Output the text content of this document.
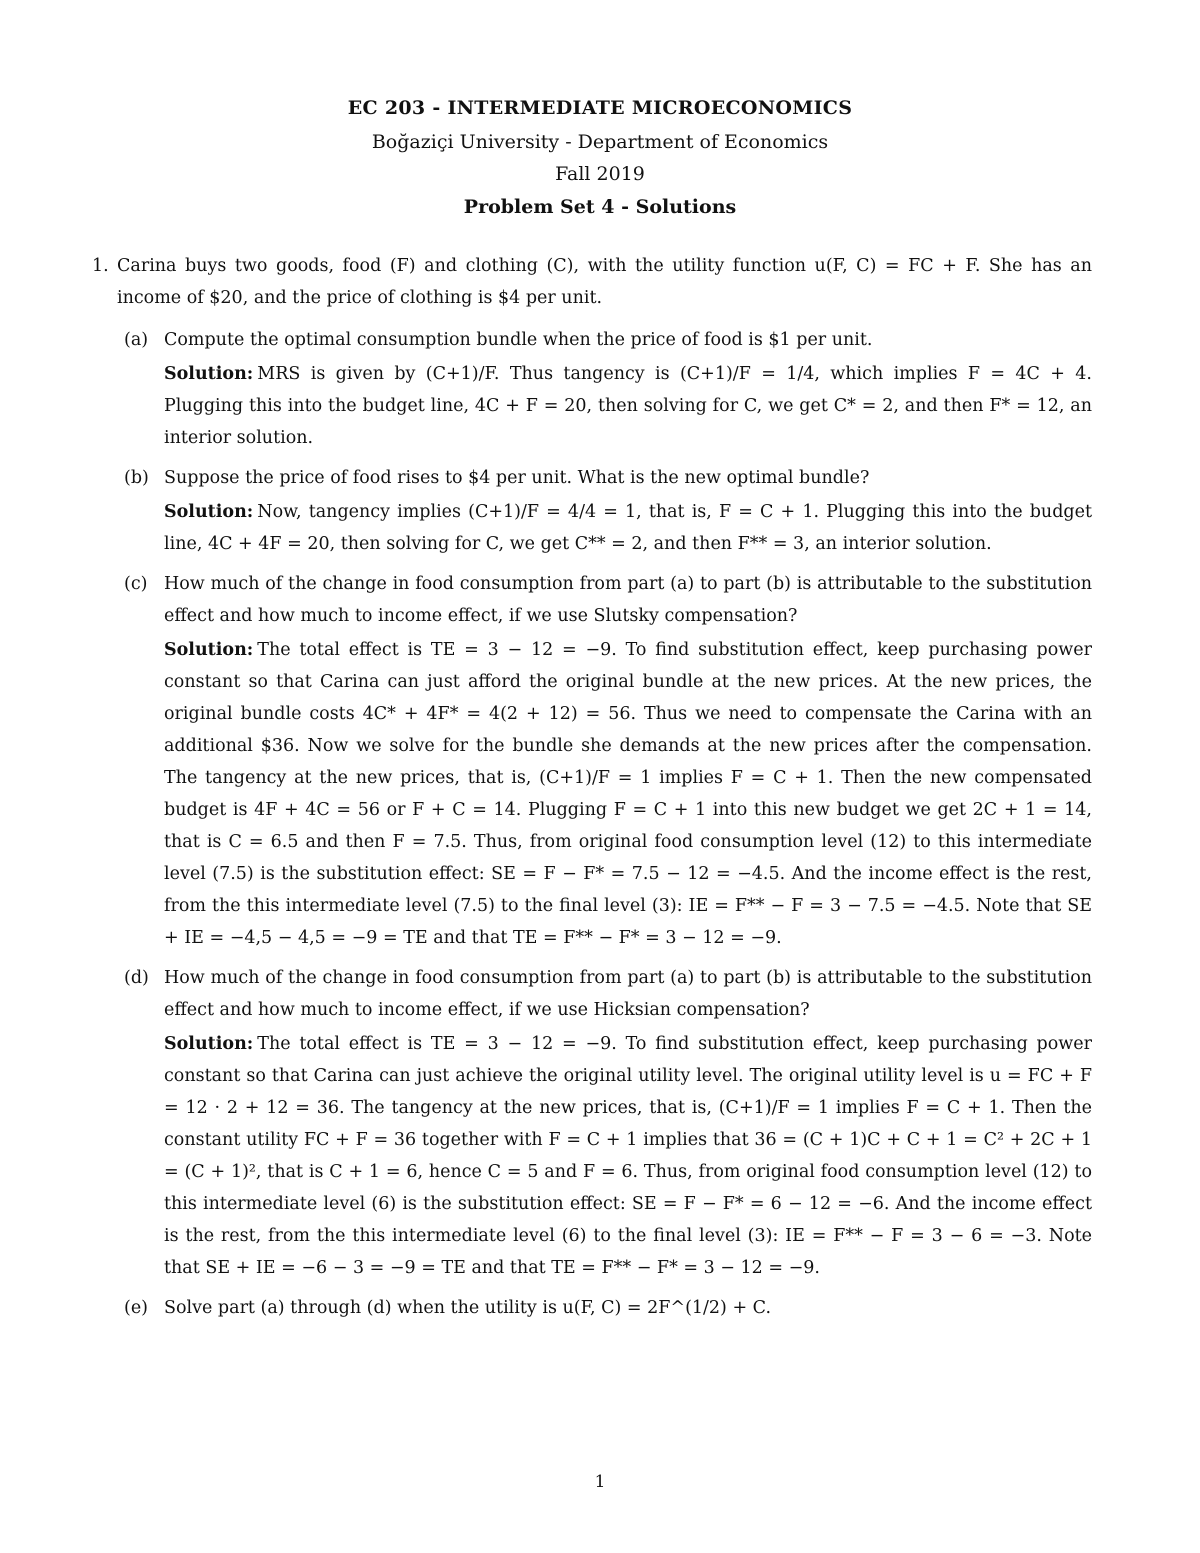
EC 203 - INTERMEDIATE MICROECONOMICS
Boğaziçi University - Department of Economics
Fall 2019
Problem Set 4 - Solutions
1. Carina buys two goods, food (F) and clothing (C), with the utility function u(F, C) = FC + F. She has an income of $20, and the price of clothing is $4 per unit.

(a) Compute the optimal consumption bundle when the price of food is $1 per unit.

Solution: MRS is given by (C+1)/F. Thus tangency is (C+1)/F = 1/4, which implies F = 4C + 4. Plugging this into the budget line, 4C + F = 20, then solving for C, we get C* = 2, and then F* = 12, an interior solution.

(b) Suppose the price of food rises to $4 per unit. What is the new optimal bundle?

Solution: Now, tangency implies (C+1)/F = 4/4 = 1, that is, F = C + 1. Plugging this into the budget line, 4C + 4F = 20, then solving for C, we get C** = 2, and then F** = 3, an interior solution.

(c) How much of the change in food consumption from part (a) to part (b) is attributable to the substitution effect and how much to income effect, if we use Slutsky compensation?

Solution: The total effect is TE = 3 − 12 = −9. To find substitution effect, keep purchasing power constant so that Carina can just afford the original bundle at the new prices. At the new prices, the original bundle costs 4C* + 4F* = 4(2 + 12) = 56. Thus we need to compensate the Carina with an additional $36. Now we solve for the bundle she demands at the new prices after the compensation. The tangency at the new prices, that is, (C+1)/F = 1 implies F = C + 1. Then the new compensated budget is 4F + 4C = 56 or F + C = 14. Plugging F = C + 1 into this new budget we get 2C + 1 = 14, that is C = 6.5 and then F = 7.5. Thus, from original food consumption level (12) to this intermediate level (7.5) is the substitution effect: SE = F − F* = 7.5 − 12 = −4.5. And the income effect is the rest, from the this intermediate level (7.5) to the final level (3): IE = F** − F = 3 − 7.5 = −4.5. Note that SE + IE = −4,5 − 4,5 = −9 = TE and that TE = F** − F* = 3 − 12 = −9.

(d) How much of the change in food consumption from part (a) to part (b) is attributable to the substitution effect and how much to income effect, if we use Hicksian compensation?

Solution: The total effect is TE = 3 − 12 = −9. To find substitution effect, keep purchasing power constant so that Carina can just achieve the original utility level. The original utility level is u = FC + F = 12 · 2 + 12 = 36. The tangency at the new prices, that is, (C+1)/F = 1 implies F = C + 1. Then the constant utility FC + F = 36 together with F = C + 1 implies that 36 = (C + 1)C + C + 1 = C² + 2C + 1 = (C + 1)², that is C + 1 = 6, hence C = 5 and F = 6. Thus, from original food consumption level (12) to this intermediate level (6) is the substitution effect: SE = F − F* = 6 − 12 = −6. And the income effect is the rest, from the this intermediate level (6) to the final level (3): IE = F** − F = 3 − 6 = −3. Note that SE + IE = −6 − 3 = −9 = TE and that TE = F** − F* = 3 − 12 = −9.

(e) Solve part (a) through (d) when the utility is u(F, C) = 2F^(1/2) + C.

1
